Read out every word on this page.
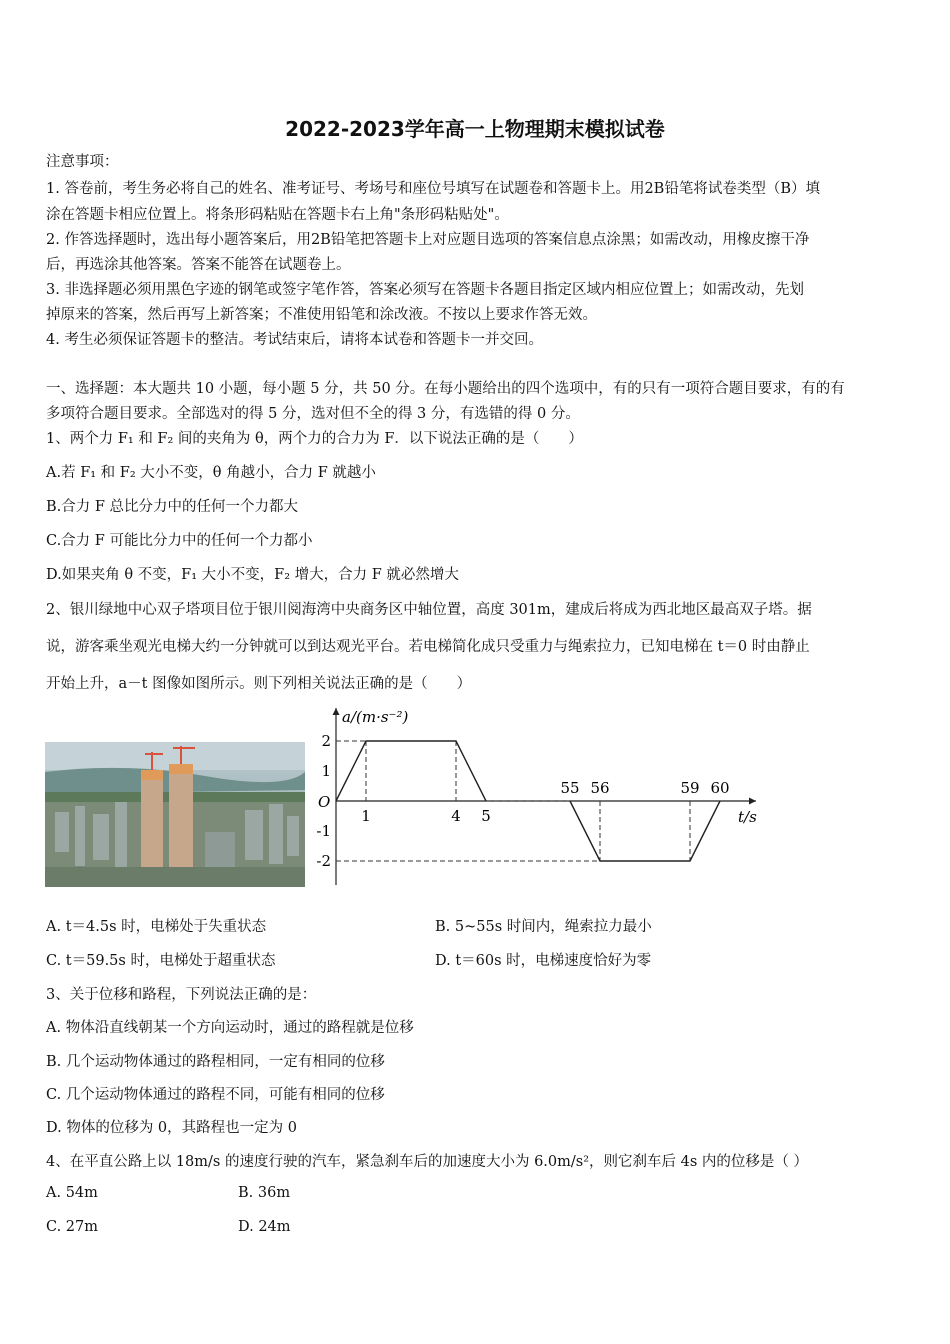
2022-2023学年高一上物理期末模拟试卷
注意事项：
1. 答卷前，考生务必将自己的姓名、准考证号、考场号和座位号填写在试题卷和答题卡上。用2B铅笔将试卷类型（B）填
涂在答题卡相应位置上。将条形码粘贴在答题卡右上角"条形码粘贴处"。
2. 作答选择题时，选出每小题答案后，用2B铅笔把答题卡上对应题目选项的答案信息点涂黑；如需改动，用橡皮擦干净
后，再选涂其他答案。答案不能答在试题卷上。
3. 非选择题必须用黑色字迹的钢笔或签字笔作答，答案必须写在答题卡各题目指定区域内相应位置上；如需改动，先划
掉原来的答案，然后再写上新答案；不准使用铅笔和涂改液。不按以上要求作答无效。
4. 考生必须保证答题卡的整洁。考试结束后，请将本试卷和答题卡一并交回。
一、选择题：本大题共 10 小题，每小题 5 分，共 50 分。在每小题给出的四个选项中，有的只有一项符合题目要求，有的有
多项符合题目要求。全部选对的得 5 分，选对但不全的得 3 分，有选错的得 0 分。
1、两个力 F₁ 和 F₂ 间的夹角为 θ，两个力的合力为 F．以下说法正确的是（　　）
A.若 F₁ 和 F₂ 大小不变，θ 角越小，合力 F 就越小
B.合力 F 总比分力中的任何一个力都大
C.合力 F 可能比分力中的任何一个力都小
D.如果夹角 θ 不变，F₁ 大小不变，F₂ 增大，合力 F 就必然增大
2、银川绿地中心双子塔项目位于银川阅海湾中央商务区中轴位置，高度 301m，建成后将成为西北地区最高双子塔。据
说，游客乘坐观光电梯大约一分钟就可以到达观光平台。若电梯简化成只受重力与绳索拉力，已知电梯在 t＝0 时由静止
开始上升，a－t 图像如图所示。则下列相关说法正确的是（　　）
a/(m·s⁻²)
t/s
O
2
1
-1
-2
1	4 5
55 56	59 60
A. t＝4.5s 时，电梯处于失重状态	B. 5~55s 时间内，绳索拉力最小
C. t＝59.5s 时，电梯处于超重状态	D. t＝60s 时，电梯速度恰好为零
3、关于位移和路程，下列说法正确的是：
A. 物体沿直线朝某一个方向运动时，通过的路程就是位移
B. 几个运动物体通过的路程相同，一定有相同的位移
C. 几个运动物体通过的路程不同，可能有相同的位移
D. 物体的位移为 0，其路程也一定为 0
4、在平直公路上以 18m/s 的速度行驶的汽车，紧急刹车后的加速度大小为 6.0m/s²，则它刹车后 4s 内的位移是（ ）
A. 54m	B. 36m
C. 27m	D. 24m
